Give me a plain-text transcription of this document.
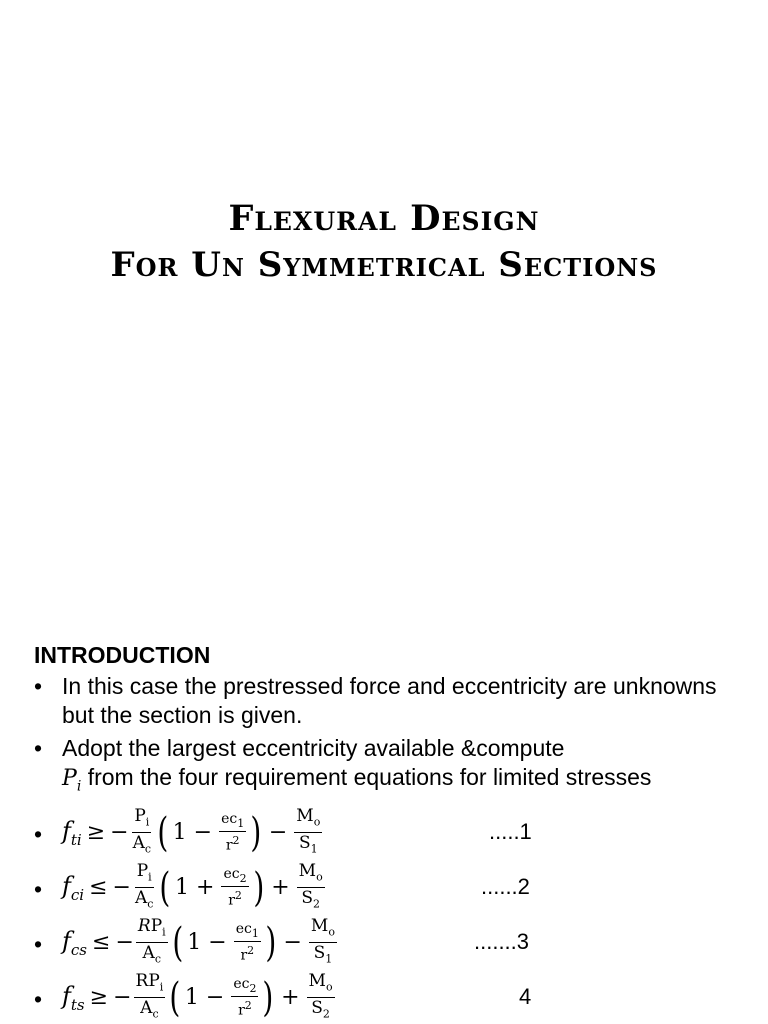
Flexural Design
For Un Symmetrical Sections
INTRODUCTION
• In this case the prestressed force and eccentricity are unknowns but the section is given.
• Adopt the largest eccentricity available &compute
$P_i$ from the four requirement equations for limited stresses
• $f_{ti}$ ≥ − $\frac{P_i}{A_c}$ ( $1 - \frac{ec_1}{r^2}$ ) − $\frac{M_o}{S_1}$	.....1
• $f_{ci}$ ≤ − $\frac{P_i}{A_c}$ ( $1 + \frac{ec_2}{r^2}$ ) + $\frac{M_o}{S_2}$	......2
• $f_{cs}$ ≤ − $\frac{RP_i}{A_c}$ ( $1 - \frac{ec_1}{r^2}$ ) − $\frac{M_o}{S_1}$	.......3
• $f_{ts}$ ≥ − $\frac{RP_i}{A_c}$ ( $1 - \frac{ec_2}{r^2}$ ) + $\frac{M_o}{S_2}$	4
